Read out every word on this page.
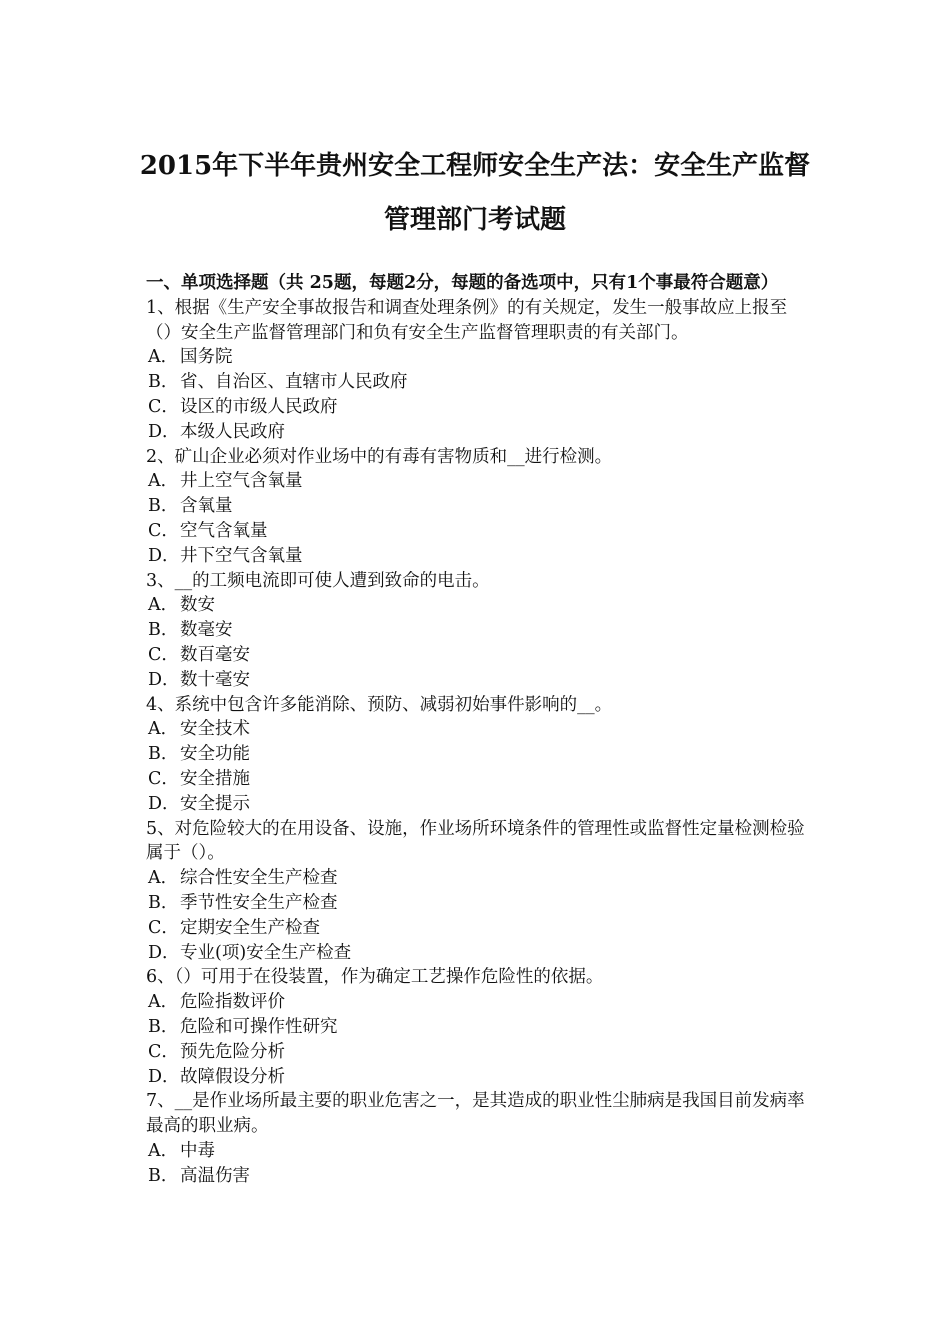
2015年下半年贵州安全工程师安全生产法：安全生产监督
管理部门考试题

一、单项选择题（共 25题，每题2分，每题的备选项中，只有1个事最符合题意）

1、根据《生产安全事故报告和调查处理条例》的有关规定，发生一般事故应上报至（）安全生产监督管理部门和负有安全生产监督管理职责的有关部门。

A． 国务院

B．省、自治区、直辖市人民政府

C．设区的市级人民政府

D．本级人民政府

2、矿山企业必须对作业场中的有毒有害物质和__进行检测。

A． 井上空气含氧量

B．含氧量

C．空气含氧量

D．井下空气含氧量

3、__的工频电流即可使人遭到致命的电击。

A． 数安

B．数毫安

C．数百毫安

D．数十毫安

4、系统中包含许多能消除、预防、减弱初始事件影响的__。

A． 安全技术

B．安全功能

C．安全措施

D．安全提示

5、对危险较大的在用设备、设施，作业场所环境条件的管理性或监督性定量检测检验属于（）。

A． 综合性安全生产检查

B．季节性安全生产检查

C．定期安全生产检查

D．专业(项)安全生产检查

6、（）可用于在役装置，作为确定工艺操作危险性的依据。

A． 危险指数评价

B．危险和可操作性研究

C．预先危险分析

D．故障假设分析

7、__是作业场所最主要的职业危害之一，是其造成的职业性尘肺病是我国目前发病率最高的职业病。

A． 中毒

B．高温伤害
